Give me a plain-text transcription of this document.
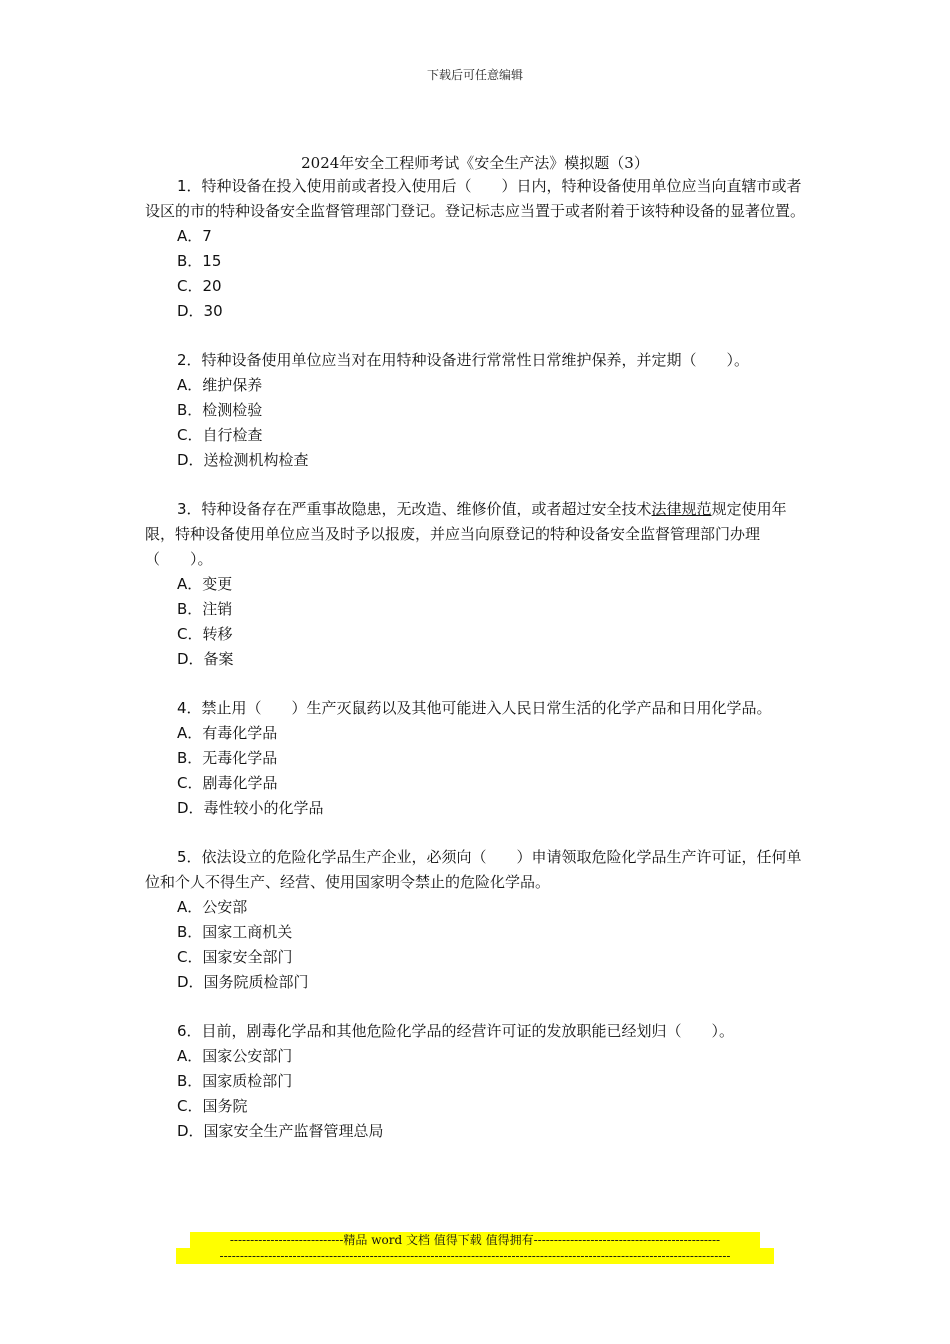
下载后可任意编辑
2024年安全工程师考试《安全生产法》模拟题（3）

1．特种设备在投入使用前或者投入使用后（　　）日内，特种设备使用单位应当向直辖市或者设区的市的特种设备安全监督管理部门登记。登记标志应当置于或者附着于该特种设备的显著位置。

A．7

B．15

C．20

D．30

2．特种设备使用单位应当对在用特种设备进行常常性日常维护保养，并定期（　　）。

A．维护保养

B．检测检验

C．自行检查

D．送检测机构检查

3．特种设备存在严重事故隐患，无改造、维修价值，或者超过安全技术法律规范规定使用年限，特种设备使用单位应当及时予以报废，并应当向原登记的特种设备安全监督管理部门办理（　　）。

A．变更

B．注销

C．转移

D．备案

4．禁止用（　　）生产灭鼠药以及其他可能进入人民日常生活的化学产品和日用化学品。

A．有毒化学品

B．无毒化学品

C．剧毒化学品

D．毒性较小的化学品

5．依法设立的危险化学品生产企业，必须向（　　）申请领取危险化学品生产许可证，任何单位和个人不得生产、经营、使用国家明令禁止的危险化学品。

A．公安部

B．国家工商机关

C．国家安全部门

D．国务院质检部门

6．目前，剧毒化学品和其他危险化学品的经营许可证的发放职能已经划归（　　）。

A．国家公安部门

B．国家质检部门

C．国务院

D．国家安全生产监督管理总局

----------------------------精品 word 文档 值得下载 值得拥有----------------------------------------------
------------------------------------------------------------------------------------------------------------------------------
